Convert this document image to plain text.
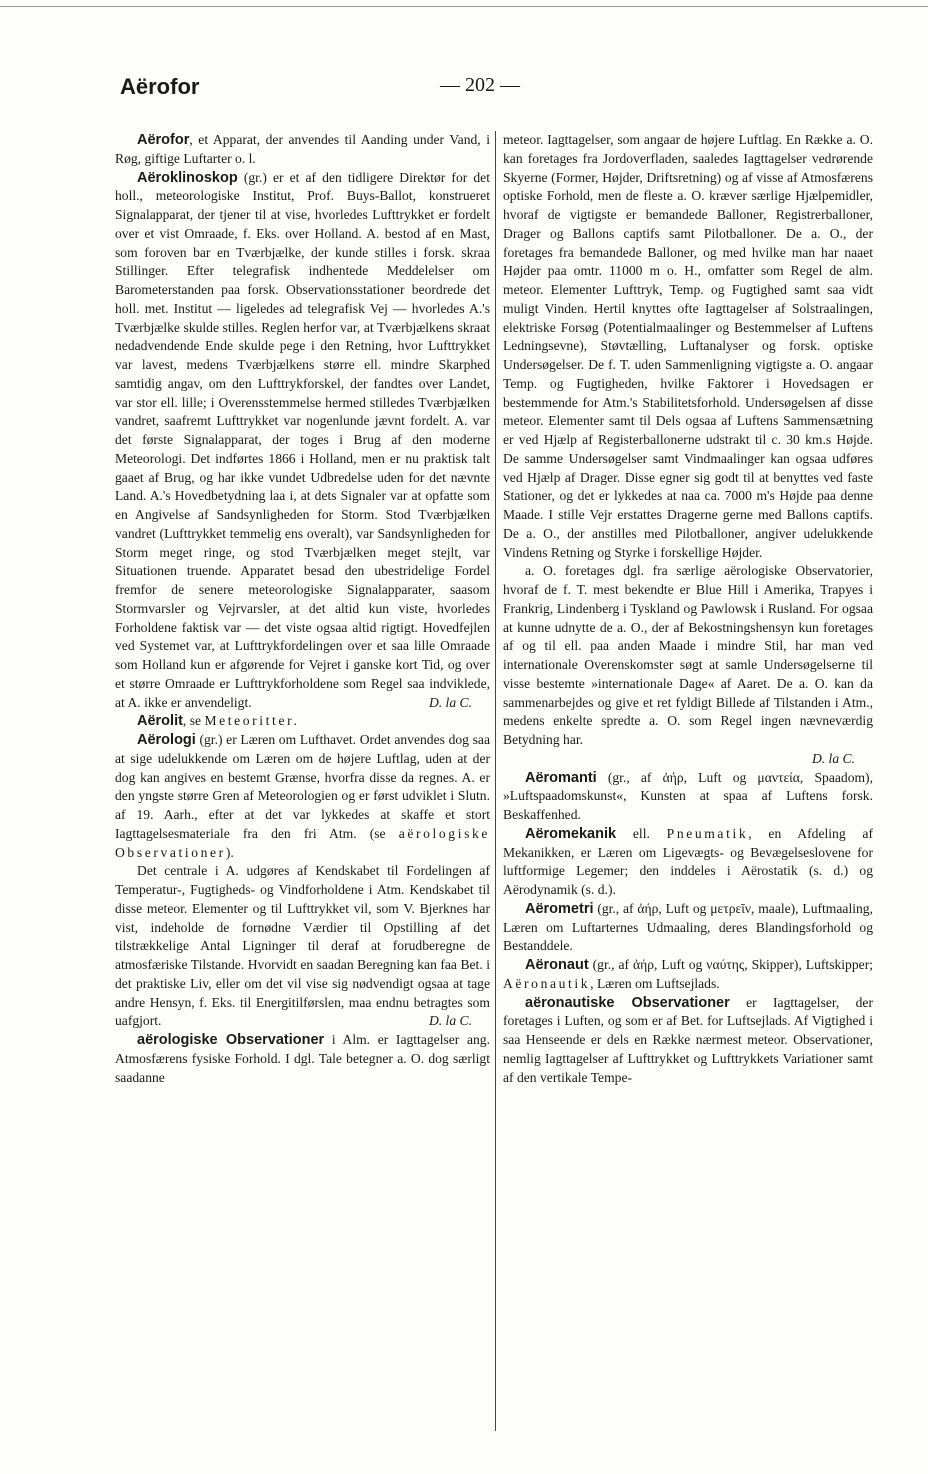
Aërofor	— 202 —

Aërofor, et Apparat, der anvendes til Aanding under Vand, i Røg, giftige Luftarter o. l.

Aëroklinoskop (gr.) er et af den tidligere Direktør for det holl., meteorologiske Institut, Prof. Buys-Ballot, konstrueret Signalapparat, der tjener til at vise, hvorledes Lufttrykket er fordelt over et vist Omraade, f. Eks. over Holland. A. bestod af en Mast, som foroven bar en Tværbjælke, der kunde stilles i forsk. skraa Stillinger. Efter telegrafisk indhentede Meddelelser om Barometerstanden paa forsk. Observationsstationer beordrede det holl. met. Institut — ligeledes ad telegrafisk Vej — hvorledes A.'s Tværbjælke skulde stilles. Reglen herfor var, at Tværbjælkens skraat nedadvendende Ende skulde pege i den Retning, hvor Lufttrykket var lavest, medens Tværbjælkens større ell. mindre Skarphed samtidig angav, om den Lufttrykforskel, der fandtes over Landet, var stor ell. lille; i Overensstemmelse hermed stilledes Tværbjælken vandret, saafremt Lufttrykket var nogenlunde jævnt fordelt. A. var det første Signalapparat, der toges i Brug af den moderne Meteorologi. Det indførtes 1866 i Holland, men er nu praktisk talt gaaet af Brug, og har ikke vundet Udbredelse uden for det nævnte Land. A.'s Hovedbetydning laa i, at dets Signaler var at opfatte som en Angivelse af Sandsynligheden for Storm. Stod Tværbjælken vandret (Lufttrykket temmelig ens overalt), var Sandsynligheden for Storm meget ringe, og stod Tværbjælken meget stejlt, var Situationen truende. Apparatet besad den ubestridelige Fordel fremfor de senere meteorologiske Signalapparater, saasom Stormvarsler og Vejrvarsler, at det altid kun viste, hvorledes Forholdene faktisk var — det viste ogsaa altid rigtigt. Hovedfejlen ved Systemet var, at Lufttrykfordelingen over et saa lille Omraade som Holland kun er afgørende for Vejret i ganske kort Tid, og over et større Omraade er Lufttrykforholdene som Regel saa indviklede, at A. ikke er anvendeligt. 	D. la C.

Aërolit, se Meteoritter.

Aërologi (gr.) er Læren om Lufthavet. Ordet anvendes dog saa at sige udelukkende om Læren om de højere Luftlag, uden at der dog kan angives en bestemt Grænse, hvorfra disse da regnes. A. er den yngste større Gren af Meteorologien og er først udviklet i Slutn. af 19. Aarh., efter at det var lykkedes at skaffe et stort Iagttagelsesmateriale fra den fri Atm. (se aërologiske Observationer).

Det centrale i A. udgøres af Kendskabet til Fordelingen af Temperatur-, Fugtigheds- og Vindforholdene i Atm. Kendskabet til disse meteor. Elementer og til Lufttrykket vil, som V. Bjerknes har vist, indeholde de fornødne Værdier til Opstilling af det tilstrækkelige Antal Ligninger til deraf at forudberegne de atmosfæriske Tilstande. Hvorvidt en saadan Beregning kan faa Bet. i det praktiske Liv, eller om det vil vise sig nødvendigt ogsaa at tage andre Hensyn, f. Eks. til Energitilførslen, maa endnu betragtes som uafgjort. 	D. la C.

aërologiske Observationer i Alm. er Iagttagelser ang. Atmosfærens fysiske Forhold. I dgl. Tale betegner a. O. dog særligt saadanne

meteor. Iagttagelser, som angaar de højere Luftlag. En Række a. O. kan foretages fra Jordoverfladen, saaledes Iagttagelser vedrørende Skyerne (Former, Højder, Driftsretning) og af visse af Atmosfærens optiske Forhold, men de fleste a. O. kræver særlige Hjælpemidler, hvoraf de vigtigste er bemandede Balloner, Registrerballoner, Drager og Ballons captifs samt Pilotballoner. De a. O., der foretages fra bemandede Balloner, og med hvilke man har naaet Højder paa omtr. 11000 m o. H., omfatter som Regel de alm. meteor. Elementer Lufttryk, Temp. og Fugtighed samt saa vidt muligt Vinden. Hertil knyttes ofte Iagttagelser af Solstraalingen, elektriske Forsøg (Potentialmaalinger og Bestemmelser af Luftens Ledningsevne), Støvtælling, Luftanalyser og forsk. optiske Undersøgelser. De f. T. uden Sammenligning vigtigste a. O. angaar Temp. og Fugtigheden, hvilke Faktorer i Hovedsagen er bestemmende for Atm.'s Stabilitetsforhold. Undersøgelsen af disse meteor. Elementer samt til Dels ogsaa af Luftens Sammensætning er ved Hjælp af Registerballonerne udstrakt til c. 30 km.s Højde. De samme Undersøgelser samt Vindmaalinger kan ogsaa udføres ved Hjælp af Drager. Disse egner sig godt til at benyttes ved faste Stationer, og det er lykkedes at naa ca. 7000 m's Højde paa denne Maade. I stille Vejr erstattes Dragerne gerne med Ballons captifs. De a. O., der anstilles med Pilotballoner, angiver udelukkende Vindens Retning og Styrke i forskellige Højder.

a. O. foretages dgl. fra særlige aërologiske Observatorier, hvoraf de f. T. mest bekendte er Blue Hill i Amerika, Trapyes i Frankrig, Lindenberg i Tyskland og Pawlowsk i Rusland. For ogsaa at kunne udnytte de a. O., der af Bekostningshensyn kun foretages af og til ell. paa anden Maade i mindre Stil, har man ved internationale Overenskomster søgt at samle Undersøgelserne til visse bestemte »internationale Dage« af Aaret. De a. O. kan da sammenarbejdes og give et ret fyldigt Billede af Tilstanden i Atm., medens enkelte spredte a. O. som Regel ingen nævneværdig Betydning har.

D. la C.

Aëromanti (gr., af ἀήρ, Luft og μαντεία, Spaadom), »Luftspaadomskunst«, Kunsten at spaa af Luftens forsk. Beskaffenhed.

Aëromekanik ell. Pneumatik, en Afdeling af Mekanikken, er Læren om Ligevægts- og Bevægelseslovene for luftformige Legemer; den inddeles i Aërostatik (s. d.) og Aërodynamik (s. d.).

Aërometri (gr., af ἀήρ, Luft og μετρεῖν, maale), Luftmaaling, Læren om Luftarternes Udmaaling, deres Blandingsforhold og Bestanddele.

Aëronaut (gr., af ἀήρ, Luft og ναύτης, Skipper), Luftskipper; Aëronautik, Læren om Luftsejlads.

aëronautiske Observationer er Iagttagelser, der foretages i Luften, og som er af Bet. for Luftsejlads. Af Vigtighed i saa Henseende er dels en Række nærmest meteor. Observationer, nemlig Iagttagelser af Lufttrykket og Lufttrykkets Variationer samt af den vertikale Tempe-
